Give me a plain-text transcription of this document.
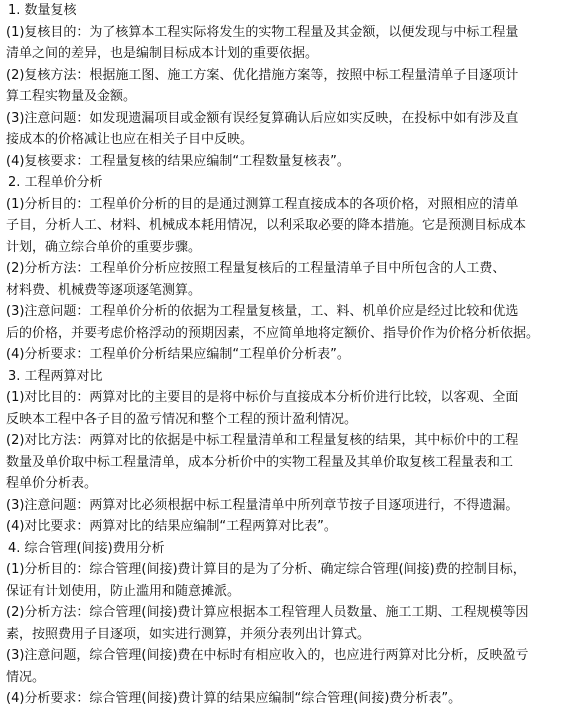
1. 数量复核
(1)复核目的：为了核算本工程实际将发生的实物工程量及其金额，以便发现与中标工程量
清单之间的差异，也是编制目标成本计划的重要依据。
(2)复核方法：根据施工图、施工方案、优化措施方案等，按照中标工程量清单子目逐项计
算工程实物量及金额。
(3)注意问题：如发现遗漏项目或金额有误经复算确认后应如实反映，在投标中如有涉及直
接成本的价格减让也应在相关子目中反映。
(4)复核要求：工程量复核的结果应编制“工程数量复核表”。
2. 工程单价分析
(1)分析目的：工程单价分析的目的是通过测算工程直接成本的各项价格，对照相应的清单
子目，分析人工、材料、机械成本耗用情况，以利采取必要的降本措施。它是预测目标成本
计划，确立综合单价的重要步骤。
(2)分析方法：工程单价分析应按照工程量复核后的工程量清单子目中所包含的人工费、
材料费、机械费等逐项逐笔测算。
(3)注意问题：工程单价分析的依据为工程量复核量，工、料、机单价应是经过比较和优选
后的价格，并要考虑价格浮动的预期因素，不应简单地将定额价、指导价作为价格分析依据。
(4)分析要求：工程单价分析结果应编制“工程单价分析表”。
3. 工程两算对比
(1)对比目的：两算对比的主要目的是将中标价与直接成本分析价进行比较，以客观、全面
反映本工程中各子目的盈亏情况和整个工程的预计盈利情况。
(2)对比方法：两算对比的依据是中标工程量清单和工程量复核的结果，其中标价中的工程
数量及单价取中标工程量清单，成本分析价中的实物工程量及其单价取复核工程量表和工
程单价分析表。
(3)注意问题：两算对比必须根据中标工程量清单中所列章节按子目逐项进行，不得遗漏。
(4)对比要求：两算对比的结果应编制“工程两算对比表”。
4. 综合管理(间接)费用分析
(1)分析目的：综合管理(间接)费计算目的是为了分析、确定综合管理(间接)费的控制目标，
保证有计划使用，防止滥用和随意摊派。
(2)分析方法：综合管理(间接)费计算应根据本工程管理人员数量、施工工期、工程规模等因
素，按照费用子目逐项，如实进行测算，并须分表列出计算式。
(3)注意问题，综合管理(间接)费在中标时有相应收入的，也应进行两算对比分析，反映盈亏
情况。
(4)分析要求：综合管理(间接)费计算的结果应编制“综合管理(间接)费分析表”。
